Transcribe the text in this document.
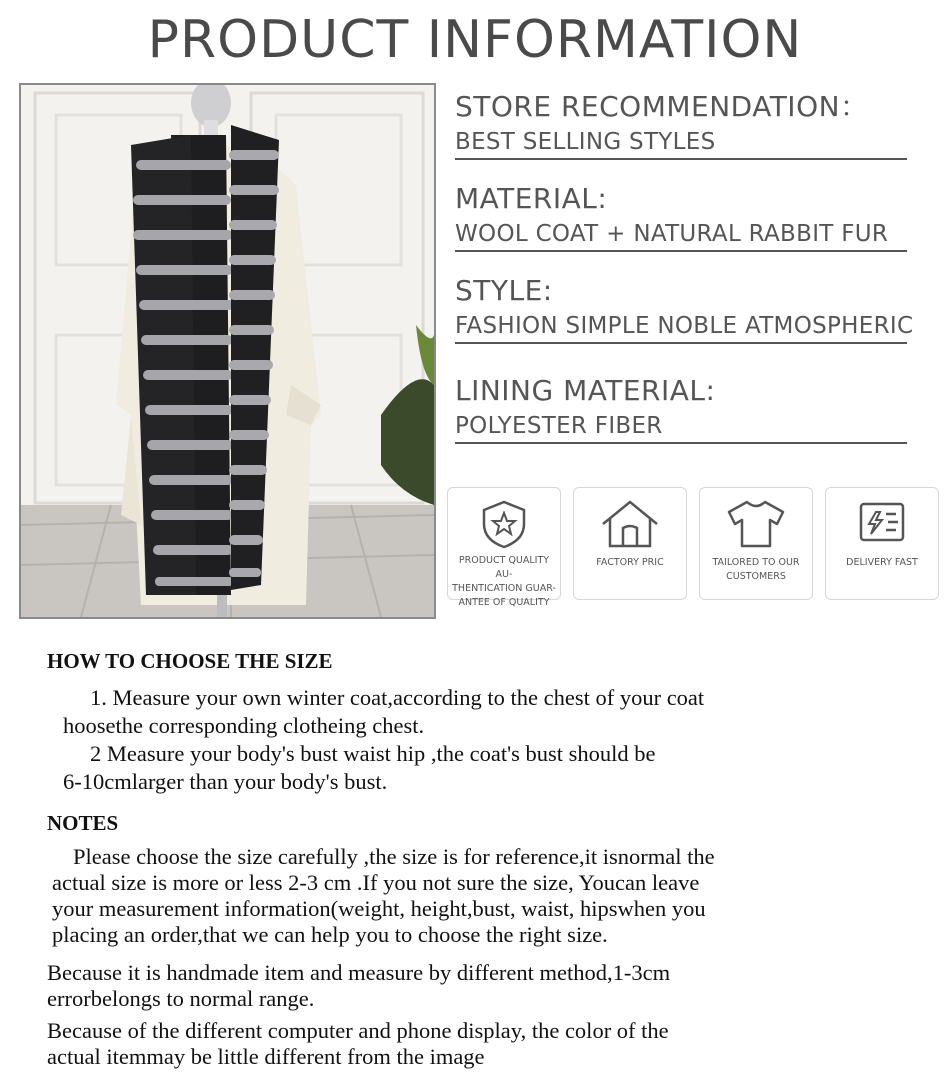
PRODUCT INFORMATION
STORE RECOMMENDATION：
BEST SELLING STYLES
MATERIAL:
WOOL COAT + NATURAL RABBIT FUR
STYLE:
FASHION SIMPLE NOBLE ATMOSPHERIC
LINING MATERIAL:
POLYESTER FIBER
PRODUCT QUALITY AU-
THENTICATION GUAR-
ANTEE OF QUALITY
FACTORY PRIC	TAILORED TO OUR
CUSTOMERS
DELIVERY FAST
HOW TO CHOOSE THE SIZE
1. Measure your own winter coat,according to the chest of your coat
hoosethe corresponding clotheing chest.
2 Measure your body's bust waist hip ,the coat's bust should be
6-10cmlarger than your body's bust.
NOTES
Please choose the size carefully ,the size is for reference,it isnormal the
actual size is more or less 2-3 cm .If you not sure the size, Youcan leave
your measurement information(weight, height,bust, waist, hipswhen you
placing an order,that we can help you to choose the right size.
Because it is handmade item and measure by different method,1-3cm
errorbelongs to normal range.
Because of the different computer and phone display, the color of the
actual itemmay be little different from the image
